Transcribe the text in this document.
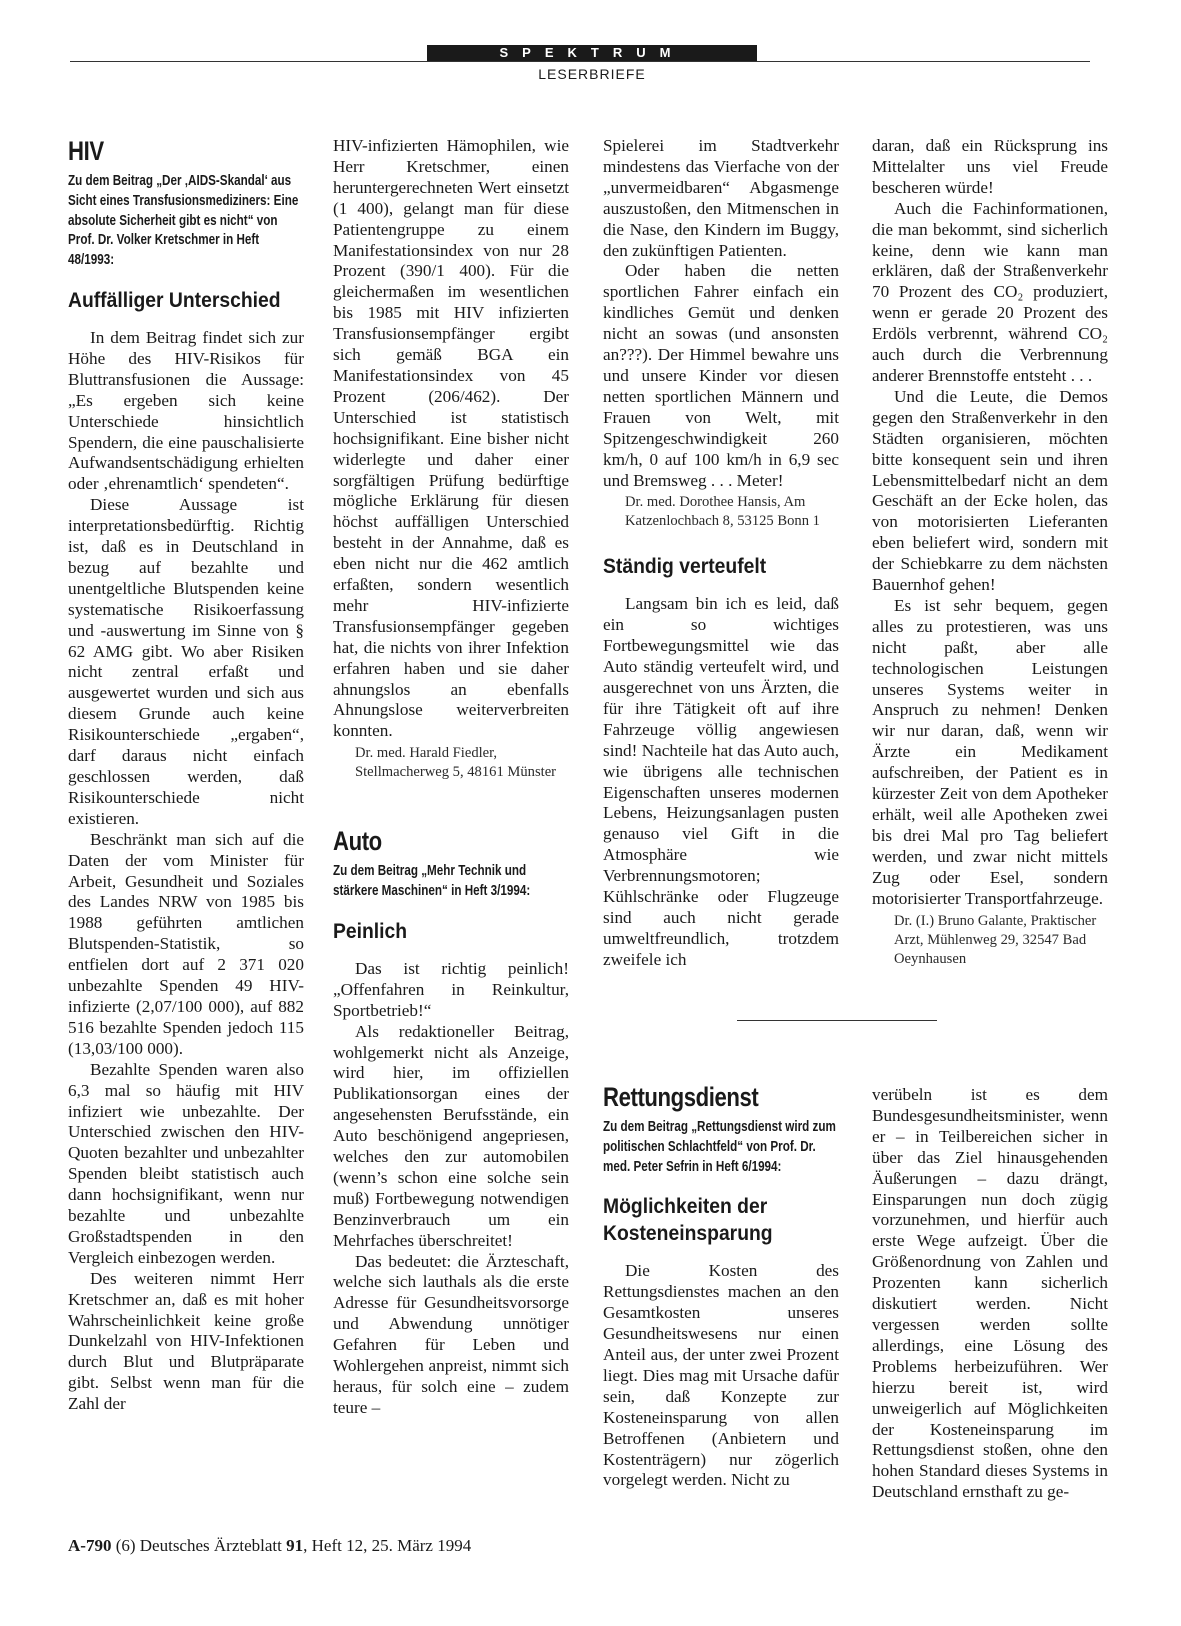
SPEKTRUM
LESERBRIEFE
HIV
Zu dem Beitrag „Der ‚AIDS-Skandal‘ aus Sicht eines Transfusionsmediziners: Eine absolute Sicherheit gibt es nicht“ von Prof. Dr. Volker Kretschmer in Heft 48/1993:
Auffälliger Unterschied

In dem Beitrag findet sich zur Höhe des HIV-Risikos für Bluttransfusionen die Aussage: „Es ergeben sich keine Unterschiede hinsichtlich Spendern, die eine pauschalisierte Aufwandsentschädigung erhielten oder ‚ehrenamtlich‘ spendeten“.

Diese Aussage ist interpretationsbedürftig. Richtig ist, daß es in Deutschland in bezug auf bezahlte und unentgeltliche Blutspenden keine systematische Risikoerfassung und -auswertung im Sinne von § 62 AMG gibt. Wo aber Risiken nicht zentral erfaßt und ausgewertet wurden und sich aus diesem Grunde auch keine Risikounterschiede „ergaben“, darf daraus nicht einfach geschlossen werden, daß Risikounterschiede nicht existieren.

Beschränkt man sich auf die Daten der vom Minister für Arbeit, Gesundheit und Soziales des Landes NRW von 1985 bis 1988 geführten amtlichen Blutspenden-Statistik, so entfielen dort auf 2 371 020 unbezahlte Spenden 49 HIV-infizierte (2,07/100 000), auf 882 516 bezahlte Spenden jedoch 115 (13,03/100 000).

Bezahlte Spenden waren also 6,3 mal so häufig mit HIV infiziert wie unbezahlte. Der Unterschied zwischen den HIV-Quoten bezahlter und unbezahlter Spenden bleibt statistisch auch dann hochsignifikant, wenn nur bezahlte und unbezahlte Großstadtspenden in den Vergleich einbezogen werden.

Des weiteren nimmt Herr Kretschmer an, daß es mit hoher Wahrscheinlichkeit keine große Dunkelzahl von HIV-Infektionen durch Blut und Blutpräparate gibt. Selbst wenn man für die Zahl der

HIV-infizierten Hämophilen, wie Herr Kretschmer, einen heruntergerechneten Wert einsetzt (1 400), gelangt man für diese Patientengruppe zu einem Manifestationsindex von nur 28 Prozent (390/1 400). Für die gleichermaßen im wesentlichen bis 1985 mit HIV infizierten Transfusionsempfänger ergibt sich gemäß BGA ein Manifestationsindex von 45 Prozent (206/462). Der Unterschied ist statistisch hochsignifikant. Eine bisher nicht widerlegte und daher einer sorgfältigen Prüfung bedürftige mögliche Erklärung für diesen höchst auffälligen Unterschied besteht in der Annahme, daß es eben nicht nur die 462 amtlich erfaßten, sondern wesentlich mehr HIV-infizierte Transfusionsempfänger gegeben hat, die nichts von ihrer Infektion erfahren haben und sie daher ahnungslos an ebenfalls Ahnungslose weiterverbreiten konnten.

Dr. med. Harald Fiedler, Stellmacherweg 5, 48161 Münster

Auto
Zu dem Beitrag „Mehr Technik und stärkere Maschinen“ in Heft 3/1994:
Peinlich

Das ist richtig peinlich! „Offenfahren in Reinkultur, Sportbetrieb!“

Als redaktioneller Beitrag, wohlgemerkt nicht als Anzeige, wird hier, im offiziellen Publikationsorgan eines der angesehensten Berufsstände, ein Auto beschönigend angepriesen, welches den zur automobilen (wenn’s schon eine solche sein muß) Fortbewegung notwendigen Benzinverbrauch um ein Mehrfaches überschreitet!

Das bedeutet: die Ärzteschaft, welche sich lauthals als die erste Adresse für Gesundheitsvorsorge und Abwendung unnötiger Gefahren für Leben und Wohlergehen anpreist, nimmt sich heraus, für solch eine – zudem teure –

Spielerei im Stadtverkehr mindestens das Vierfache von der „unvermeidbaren“ Abgasmenge auszustoßen, den Mitmenschen in die Nase, den Kindern im Buggy, den zukünftigen Patienten.

Oder haben die netten sportlichen Fahrer einfach ein kindliches Gemüt und denken nicht an sowas (und ansonsten an???). Der Himmel bewahre uns und unsere Kinder vor diesen netten sportlichen Männern und Frauen von Welt, mit Spitzengeschwindigkeit 260 km/h, 0 auf 100 km/h in 6,9 sec und Bremsweg . . . Meter!

Dr. med. Dorothee Hansis, Am Katzenlochbach 8, 53125 Bonn 1

Ständig verteufelt

Langsam bin ich es leid, daß ein so wichtiges Fortbewegungsmittel wie das Auto ständig verteufelt wird, und ausgerechnet von uns Ärzten, die für ihre Tätigkeit oft auf ihre Fahrzeuge völlig angewiesen sind! Nachteile hat das Auto auch, wie übrigens alle technischen Eigenschaften unseres modernen Lebens, Heizungsanlagen pusten genauso viel Gift in die Atmosphäre wie Verbrennungsmotoren; Kühlschränke oder Flugzeuge sind auch nicht gerade umweltfreundlich, trotzdem zweifele ich

daran, daß ein Rücksprung ins Mittelalter uns viel Freude bescheren würde!

Auch die Fachinformationen, die man bekommt, sind sicherlich keine, denn wie kann man erklären, daß der Straßenverkehr 70 Prozent des CO₂ produziert, wenn er gerade 20 Prozent des Erdöls verbrennt, während CO₂ auch durch die Verbrennung anderer Brennstoffe entsteht . . .

Und die Leute, die Demos gegen den Straßenverkehr in den Städten organisieren, möchten bitte konsequent sein und ihren Lebensmittelbedarf nicht an dem Geschäft an der Ecke holen, das von motorisierten Lieferanten eben beliefert wird, sondern mit der Schiebkarre zu dem nächsten Bauernhof gehen!

Es ist sehr bequem, gegen alles zu protestieren, was uns nicht paßt, aber alle technologischen Leistungen unseres Systems weiter in Anspruch zu nehmen! Denken wir nur daran, daß, wenn wir Ärzte ein Medikament aufschreiben, der Patient es in kürzester Zeit von dem Apotheker erhält, weil alle Apotheken zwei bis drei Mal pro Tag beliefert werden, und zwar nicht mittels Zug oder Esel, sondern motorisierter Transportfahrzeuge.

Dr. (I.) Bruno Galante, Praktischer Arzt, Mühlenweg 29, 32547 Bad Oeynhausen

Rettungsdienst
Zu dem Beitrag „Rettungsdienst wird zum politischen Schlachtfeld“ von Prof. Dr. med. Peter Sefrin in Heft 6/1994:
Möglichkeiten der Kosteneinsparung

Die Kosten des Rettungsdienstes machen an den Gesamtkosten unseres Gesundheitswesens nur einen Anteil aus, der unter zwei Prozent liegt. Dies mag mit Ursache dafür sein, daß Konzepte zur Kosteneinsparung von allen Betroffenen (Anbietern und Kostenträgern) nur zögerlich vorgelegt werden. Nicht zu

verübeln ist es dem Bundesgesundheitsminister, wenn er – in Teilbereichen sicher in über das Ziel hinausgehenden Äußerungen – dazu drängt, Einsparungen nun doch zügig vorzunehmen, und hierfür auch erste Wege aufzeigt. Über die Größenordnung von Zahlen und Prozenten kann sicherlich diskutiert werden. Nicht vergessen werden sollte allerdings, eine Lösung des Problems herbeizuführen. Wer hierzu bereit ist, wird unweigerlich auf Möglichkeiten der Kosteneinsparung im Rettungsdienst stoßen, ohne den hohen Standard dieses Systems in Deutschland ernsthaft zu ge-

A-790 (6) Deutsches Ärzteblatt 91, Heft 12, 25. März 1994
